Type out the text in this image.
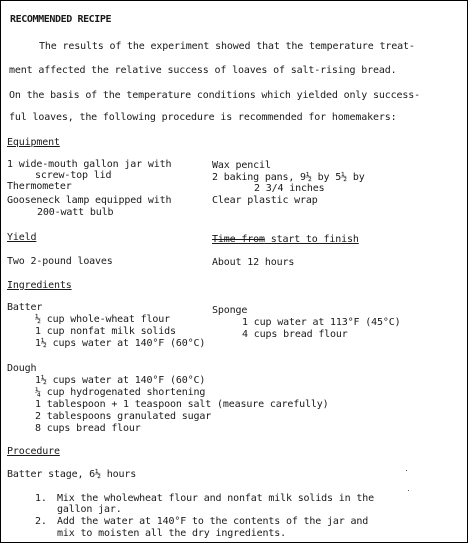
RECOMMENDED RECIPE
The results of the experiment showed that the temperature treat-
ment affected the relative success of loaves of salt-rising bread.
On the basis of the temperature conditions which yielded only success-
ful loaves, the following procedure is recommended for homemakers:
Equipment
1 wide-mouth gallon jar with
screw-top lid
Thermometer
Gooseneck lamp equipped with
200-watt bulb
Wax pencil
2 baking pans, 9½ by 5½ by
2 3/4 inches
Clear plastic wrap
Yield
Two 2-pound loaves
Time from start to finish
About 12 hours
Ingredients
Batter
½ cup whole-wheat flour
1 cup nonfat milk solids
1½ cups water at 140°F (60°C)
Sponge
1 cup water at 113°F (45°C)
4 cups bread flour
Dough
1½ cups water at 140°F (60°C)
¼ cup hydrogenated shortening
1 tablespoon + 1 teaspoon salt (measure carefully)
2 tablespoons granulated sugar
8 cups bread flour
Procedure
Batter stage, 6½ hours
1. Mix the wholewheat flour and nonfat milk solids in the
gallon jar.
2. Add the water at 140°F to the contents of the jar and
mix to moisten all the dry ingredients.
